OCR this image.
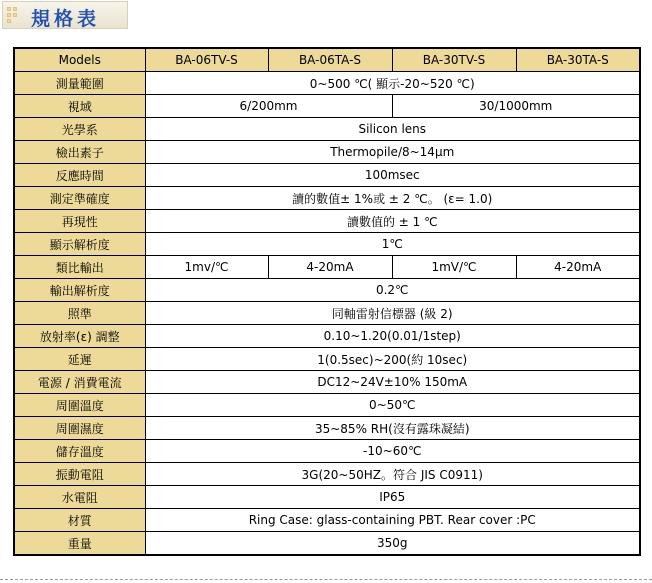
規格表
Models	BA-06TV-S	BA-06TA-S	BA-30TV-S	BA-30TA-S
測量範圍	0~500 ℃( 顯示-20~520 ℃)			
視域	6/200mm		30/1000mm	
光學系	Silicon lens			
檢出素子	Thermopile/8~14μm			
反應時間	100msec			
測定準確度	讀的數值± 1%或 ± 2 ℃。 (ε= 1.0)			
再現性	讀數值的 ± 1 ℃			
顯示解析度	1℃			
類比輸出	1mv/℃	4-20mA	1mV/℃	4-20mA
輸出解析度	0.2℃			
照準	同軸雷射信標器 (級 2)			
放射率(ε) 調整	0.10~1.20(0.01/1step)			
延遲	1(0.5sec)~200(約 10sec)			
電源 / 消費電流	DC12~24V±10% 150mA			
周圍溫度	0~50℃			
周圍濕度	35~85% RH(沒有露珠凝結)			
儲存溫度	-10~60℃			
振動電阻	3G(20~50HZ。符合 JIS C0911)			
水電阻	IP65			
材質	Ring Case: glass-containing PBT. Rear cover :PC			
重量	350g			
